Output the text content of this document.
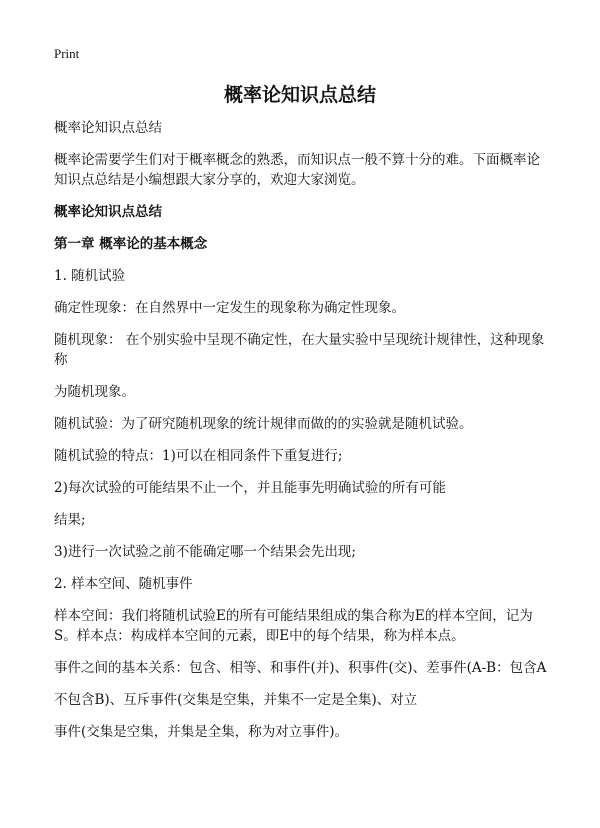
Print
概率论知识点总结

概率论知识点总结

概率论需要学生们对于概率概念的熟悉，而知识点一般不算十分的难。下面概率论知识点总结是小编想跟大家分享的，欢迎大家浏览。

概率论知识点总结

第一章 概率论的基本概念

1. 随机试验

确定性现象：在自然界中一定发生的现象称为确定性现象。

随机现象： 在个别实验中呈现不确定性，在大量实验中呈现统计规律性，这种现象称

为随机现象。

随机试验：为了研究随机现象的统计规律而做的的实验就是随机试验。

随机试验的特点：1)可以在相同条件下重复进行;

2)每次试验的可能结果不止一个，并且能事先明确试验的所有可能

结果;

3)进行一次试验之前不能确定哪一个结果会先出现;

2. 样本空间、随机事件

样本空间：我们将随机试验E的所有可能结果组成的集合称为E的样本空间，记为S。样本点：构成样本空间的元素，即E中的每个结果，称为样本点。

事件之间的基本关系：包含、相等、和事件(并)、积事件(交)、差事件(A-B：包含A

不包含B)、互斥事件(交集是空集，并集不一定是全集)、对立

事件(交集是空集，并集是全集，称为对立事件)。
